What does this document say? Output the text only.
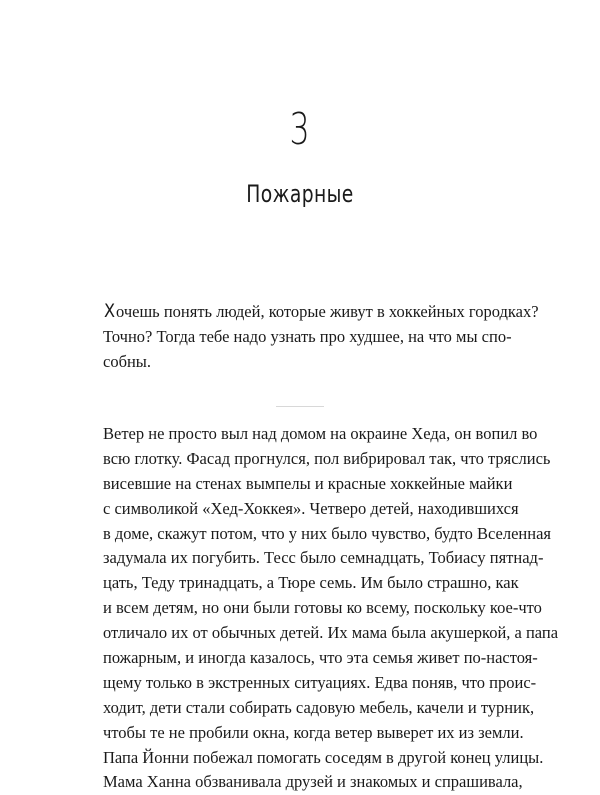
3
Пожарные
Хочешь понять людей, которые живут в хоккейных городках?
Точно? Тогда тебе надо узнать про худшее, на что мы спо-
собны.
Ветер не просто выл над домом на окраине Хеда, он вопил во
всю глотку. Фасад прогнулся, пол вибрировал так, что тряслись
висевшие на стенах вымпелы и красные хоккейные майки
с символикой «Хед-Хоккея». Четверо детей, находившихся
в доме, скажут потом, что у них было чувство, будто Вселенная
задумала их погубить. Тесс было семнадцать, Тобиасу пятнад-
цать, Теду тринадцать, а Тюре семь. Им было страшно, как
и всем детям, но они были готовы ко всему, поскольку кое-что
отличало их от обычных детей. Их мама была акушеркой, а папа
пожарным, и иногда казалось, что эта семья живет по-настоя-
щему только в экстренных ситуациях. Едва поняв, что проис-
ходит, дети стали собирать садовую мебель, качели и турник,
чтобы те не пробили окна, когда ветер выверет их из земли.
Папа Йонни побежал помогать соседям в другой конец улицы.
Мама Ханна обзванивала друзей и знакомых и спрашивала,
